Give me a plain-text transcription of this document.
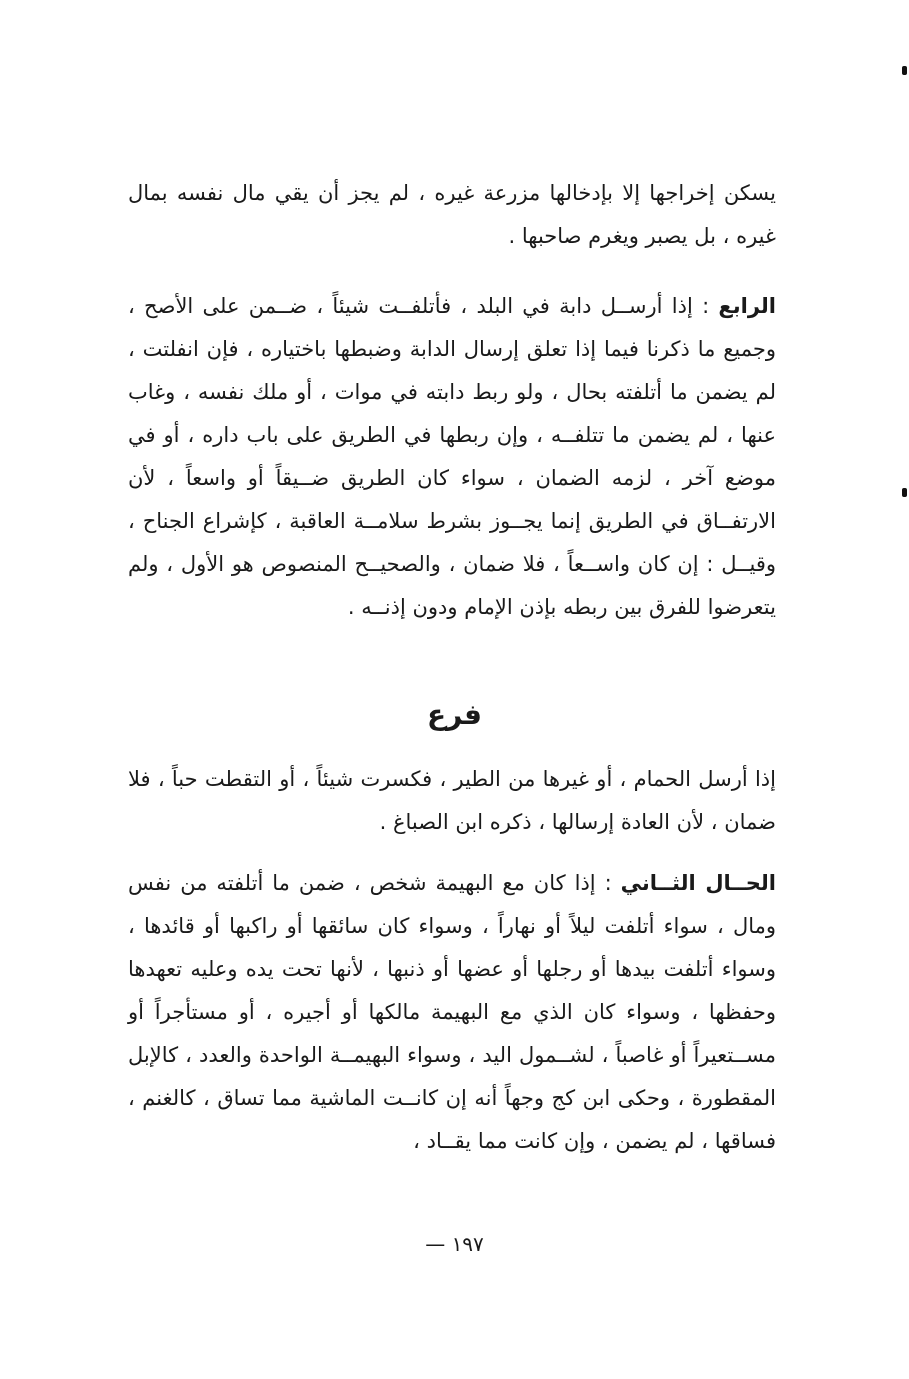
يسكن إخراجها إلا بإدخالها مزرعة غيره ، لم يجز أن يقي مال نفسه بمال غيره ، بل يصبر ويغرم صاحبها .

الرابع : إذا أرســل دابة في البلد ، فأتلفــت شيئاً ، ضــمن على الأصح ، وجميع ما ذكرنا فيما إذا تعلق إرسال الدابة وضبطها باختياره ، فإن انفلتت ، لم يضمن ما أتلفته بحال ، ولو ربط دابته في موات ، أو ملك نفسه ، وغاب عنها ، لم يضمن ما تتلفــه ، وإن ربطها في الطريق على باب داره ، أو في موضع آخر ، لزمه الضمان ، سواء كان الطريق ضــيقاً أو واسعاً ، لأن الارتفــاق في الطريق إنما يجــوز بشرط سلامــة العاقبة ، كإشراع الجناح ، وقيــل : إن كان واســعاً ، فلا ضمان ، والصحيــح المنصوص هو الأول ، ولم يتعرضوا للفرق بين ربطه بإذن الإمام ودون إذنــه .

فرع

إذا أرسل الحمام ، أو غيرها من الطير ، فكسرت شيئاً ، أو التقطت حباً ، فلا ضمان ، لأن العادة إرسالها ، ذكره ابن الصباغ .

الحــال الثــاني : إذا كان مع البهيمة شخص ، ضمن ما أتلفته من نفس ومال ، سواء أتلفت ليلاً أو نهاراً ، وسواء كان سائقها أو راكبها أو قائدها ، وسواء أتلفت بيدها أو رجلها أو عضها أو ذنبها ، لأنها تحت يده وعليه تعهدها وحفظها ، وسواء كان الذي مع البهيمة مالكها أو أجيره ، أو مستأجراً أو مســتعيراً أو غاصباً ، لشــمول اليد ، وسواء البهيمــة الواحدة والعدد ، كالإبل المقطورة ، وحكى ابن كج وجهاً أنه إن كانــت الماشية مما تساق ، كالغنم ، فساقها ، لم يضمن ، وإن كانت مما يقــاد ،

١٩٧ —
